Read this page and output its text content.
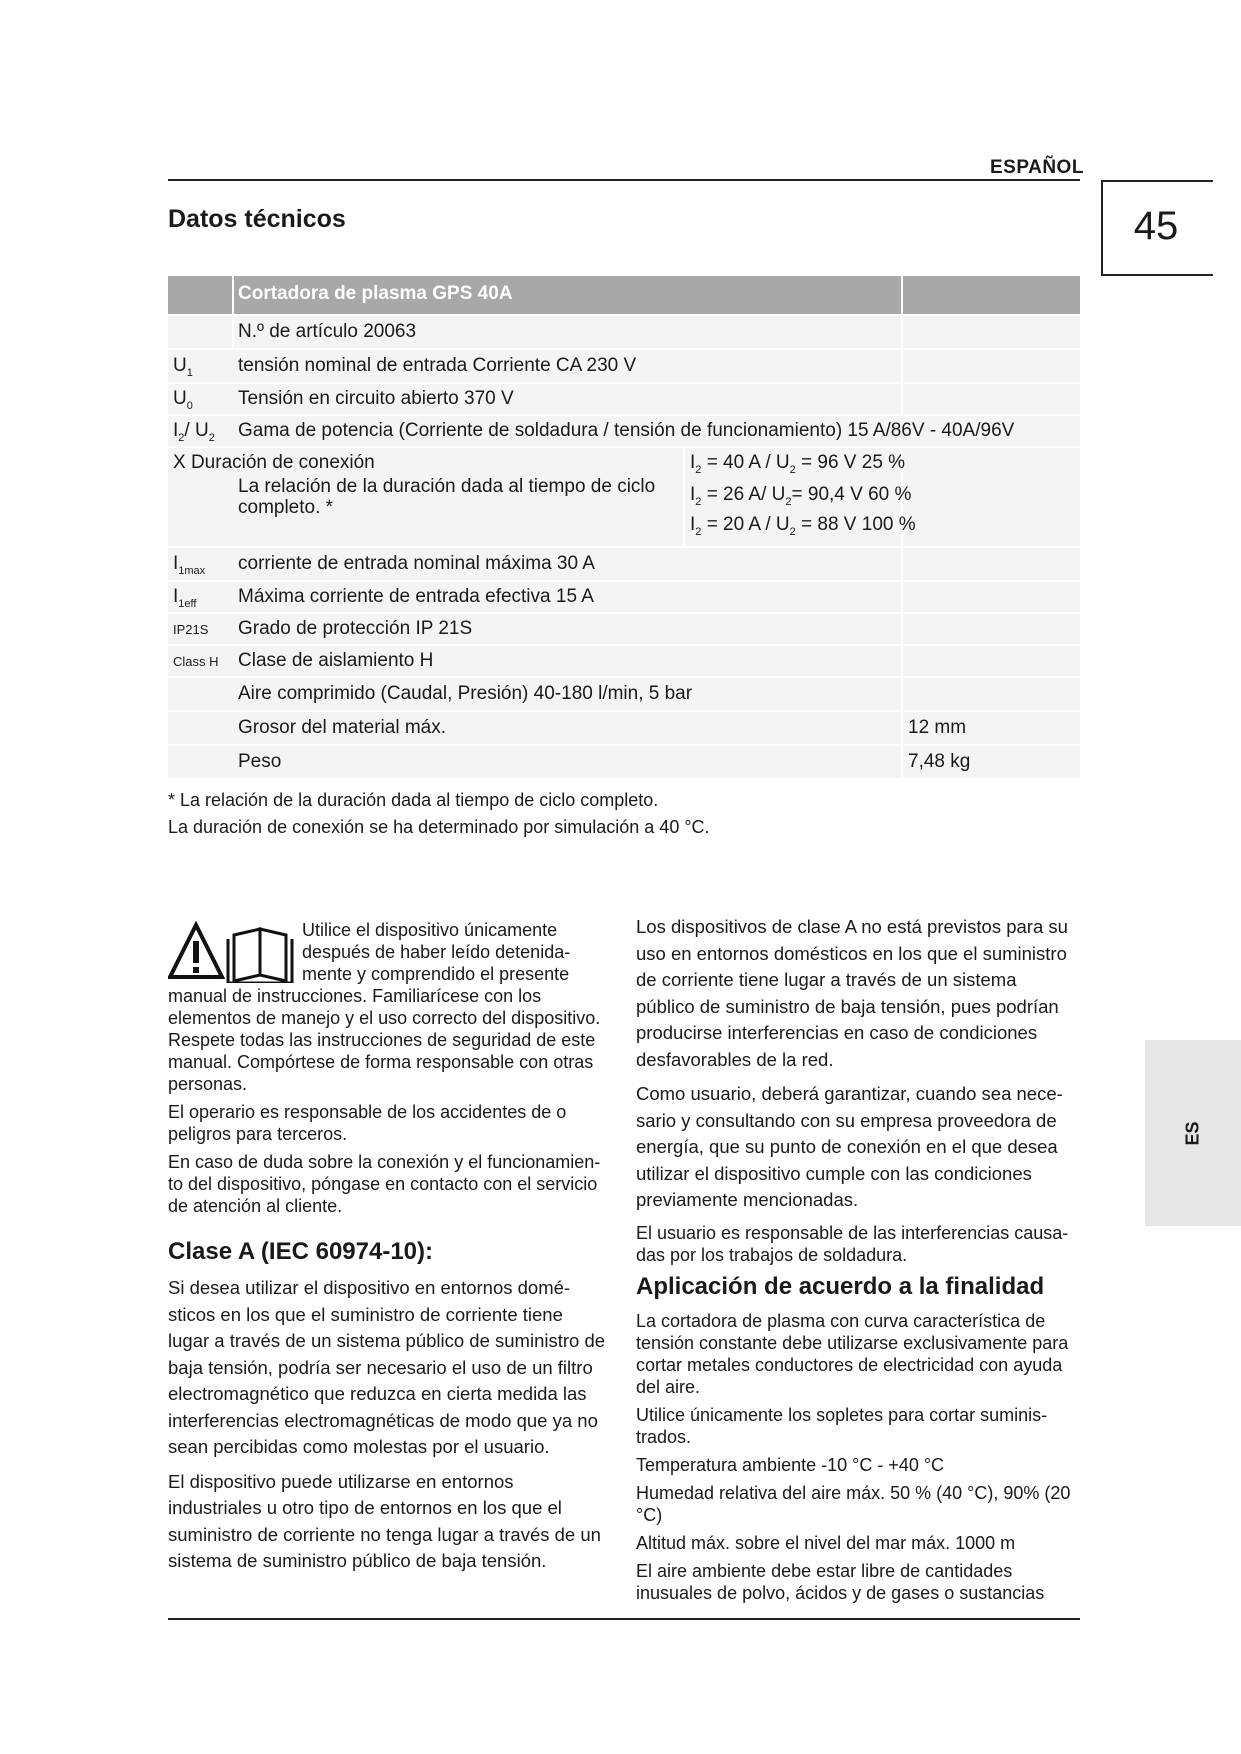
ESPAÑOL
45
ES
Datos técnicos
Cortadora de plasma GPS 40A
N.º de artículo 20063
$U_1$ tensión nominal de entrada Corriente CA 230 V
$U_0$ Tensión en circuito abierto 370 V
$I_2/$ $U_2$ Gama de potencia (Corriente de soldadura / tensión de funcionamiento) 15 A/86V - 40A/96V
X Duración de conexión
La relación de la duración dada al tiempo de ciclo completo. *
$I_2 = 40$ $A / U_2 = 96$ V 25 %
$I_2 = 26$ A/ $U_2= 90,4$ V 60 %
$I_2 = 20$ $A / U_2 = 88$ V 100 %
$I_{1max}$ corriente de entrada nominal máxima 30 A
$I_{1eff}$ Máxima corriente de entrada efectiva 15 A
IP21S Grado de protección IP 21S
Class H Clase de aislamiento H
Aire comprimido (Caudal, Presión) 40-180 l/min, 5 bar
Grosor del material máx.	12 mm
Peso	7,48 kg
* La relación de la duración dada al tiempo de ciclo completo.
La duración de conexión se ha determinado por simulación a 40 °C.

Utilice el dispositivo únicamente después de haber leído detenida-mente y comprendido el presente manual de instrucciones. Familiarícese con los elementos de manejo y el uso correcto del dispositivo. Respete todas las instrucciones de seguridad de este manual. Compórtese de forma responsable con otras personas.

El operario es responsable de los accidentes de o peligros para terceros.

En caso de duda sobre la conexión y el funcionamien-to del dispositivo, póngase en contacto con el servicio de atención al cliente.

Clase A (IEC 60974-10):

Si desea utilizar el dispositivo en entornos domé-sticos en los que el suministro de corriente tiene lugar a través de un sistema público de suministro de baja tensión, podría ser necesario el uso de un filtro electromagnético que reduzca en cierta medida las interferencias electromagnéticas de modo que ya no sean percibidas como molestas por el usuario.

El dispositivo puede utilizarse en entornos industriales u otro tipo de entornos en los que el suministro de corriente no tenga lugar a través de un sistema de suministro público de baja tensión.

Los dispositivos de clase A no está previstos para su uso en entornos domésticos en los que el suministro de corriente tiene lugar a través de un sistema público de suministro de baja tensión, pues podrían producirse interferencias en caso de condiciones desfavorables de la red.

Como usuario, deberá garantizar, cuando sea nece-sario y consultando con su empresa proveedora de energía, que su punto de conexión en el que desea utilizar el dispositivo cumple con las condiciones previamente mencionadas.

El usuario es responsable de las interferencias causa-das por los trabajos de soldadura.

Aplicación de acuerdo a la finalidad

La cortadora de plasma con curva característica de tensión constante debe utilizarse exclusivamente para cortar metales conductores de electricidad con ayuda del aire.

Utilice únicamente los sopletes para cortar suminis-trados.

Temperatura ambiente -10 °C - +40 °C

Humedad relativa del aire máx. 50 % (40 °C), 90% (20 °C)

Altitud máx. sobre el nivel del mar máx. 1000 m

El aire ambiente debe estar libre de cantidades inusuales de polvo, ácidos y de gases o sustancias
